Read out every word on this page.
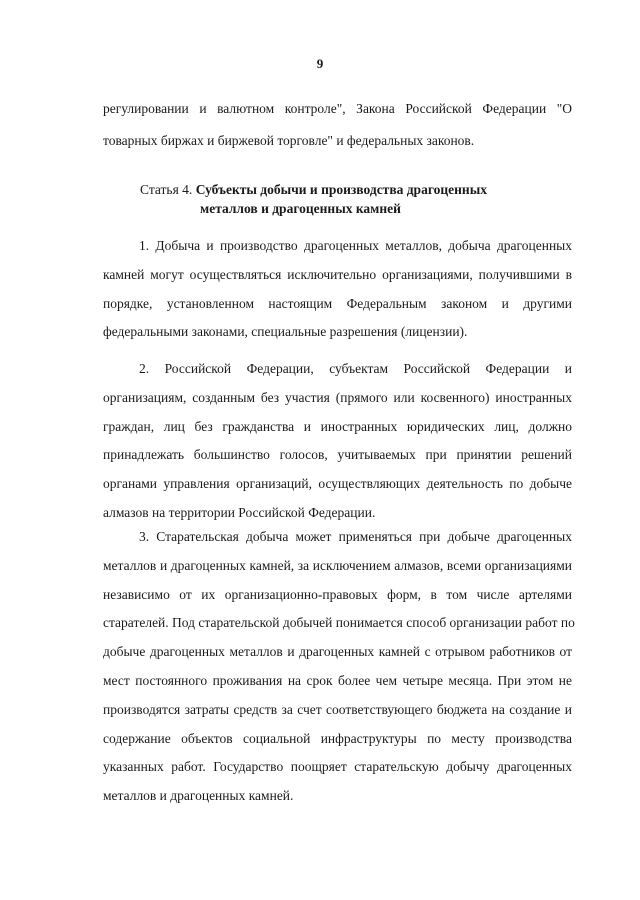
9
регулировании и валютном контроле", Закона Российской Федерации "О
товарных биржах и биржевой торговле" и федеральных законов.
Статья 4. Субъекты добычи и производства драгоценных
металлов и драгоценных камней
1. Добыча и производство драгоценных металлов, добыча драгоценных
камней могут осуществляться исключительно организациями, получившими в
порядке, установленном настоящим Федеральным законом и другими
федеральными законами, специальные разрешения (лицензии).
2. Российской Федерации, субъектам Российской Федерации и
организациям, созданным без участия (прямого или косвенного) иностранных
граждан, лиц без гражданства и иностранных юридических лиц, должно
принадлежать большинство голосов, учитываемых при принятии решений
органами управления организаций, осуществляющих деятельность по добыче
алмазов на территории Российской Федерации.
3. Старательская добыча может применяться при добыче драгоценных
металлов и драгоценных камней, за исключением алмазов, всеми организациями
независимо от их организационно-правовых форм, в том числе артелями
старателей. Под старательской добычей понимается способ организации работ по
добыче драгоценных металлов и драгоценных камней с отрывом работников от
мест постоянного проживания на срок более чем четыре месяца. При этом не
производятся затраты средств за счет соответствующего бюджета на создание и
содержание объектов социальной инфраструктуры по месту производства
указанных работ. Государство поощряет старательскую добычу драгоценных
металлов и драгоценных камней.
